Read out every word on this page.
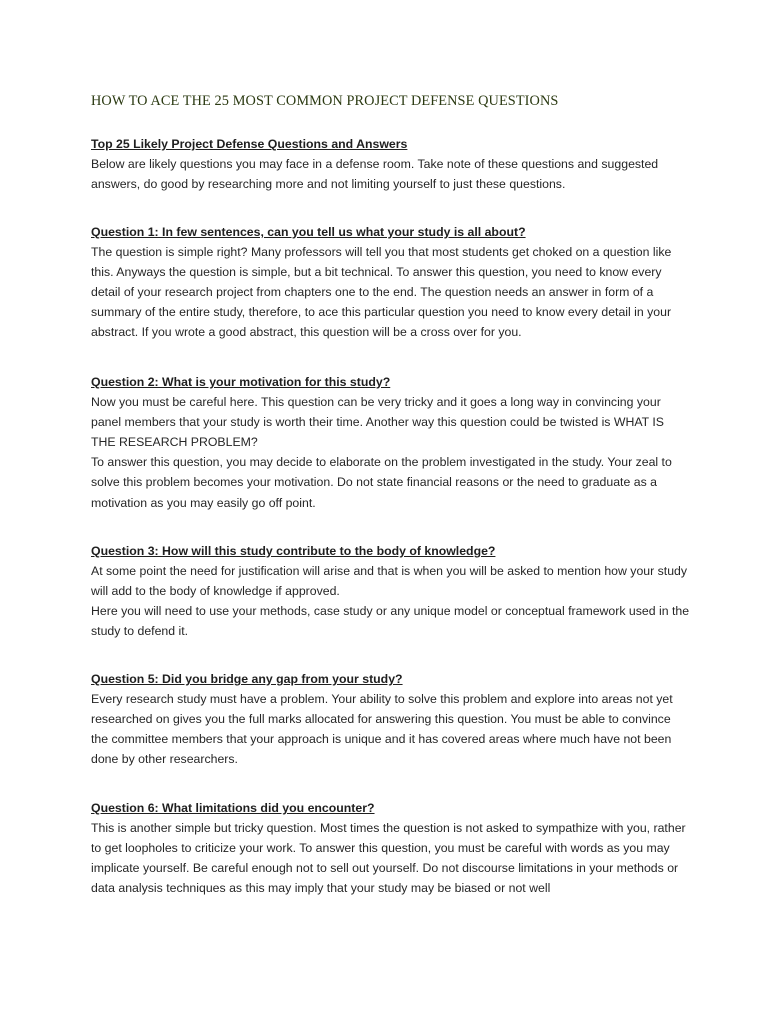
HOW TO ACE THE 25 MOST COMMON PROJECT DEFENSE QUESTIONS
Top 25 Likely Project Defense Questions and Answers

Below are likely questions you may face in a defense room. Take note of these questions and suggested answers, do good by researching more and not limiting yourself to just these questions.

Question 1: In few sentences, can you tell us what your study is all about?

The question is simple right? Many professors will tell you that most students get choked on a question like this. Anyways the question is simple, but a bit technical. To answer this question, you need to know every detail of your research project from chapters one to the end. The question needs an answer in form of a summary of the entire study, therefore, to ace this particular question you need to know every detail in your abstract. If you wrote a good abstract, this question will be a cross over for you.

Question 2: What is your motivation for this study?

Now you must be careful here. This question can be very tricky and it goes a long way in convincing your panel members that your study is worth their time. Another way this question could be twisted is WHAT IS THE RESEARCH PROBLEM?

To answer this question, you may decide to elaborate on the problem investigated in the study. Your zeal to solve this problem becomes your motivation. Do not state financial reasons or the need to graduate as a motivation as you may easily go off point.

Question 3: How will this study contribute to the body of knowledge?

At some point the need for justification will arise and that is when you will be asked to mention how your study will add to the body of knowledge if approved.

Here you will need to use your methods, case study or any unique model or conceptual framework used in the study to defend it.

Question 5: Did you bridge any gap from your study?

Every research study must have a problem. Your ability to solve this problem and explore into areas not yet researched on gives you the full marks allocated for answering this question. You must be able to convince the committee members that your approach is unique and it has covered areas where much have not been done by other researchers.

Question 6: What limitations did you encounter?

This is another simple but tricky question. Most times the question is not asked to sympathize with you, rather to get loopholes to criticize your work. To answer this question, you must be careful with words as you may implicate yourself. Be careful enough not to sell out yourself. Do not discourse limitations in your methods or data analysis techniques as this may imply that your study may be biased or not well
